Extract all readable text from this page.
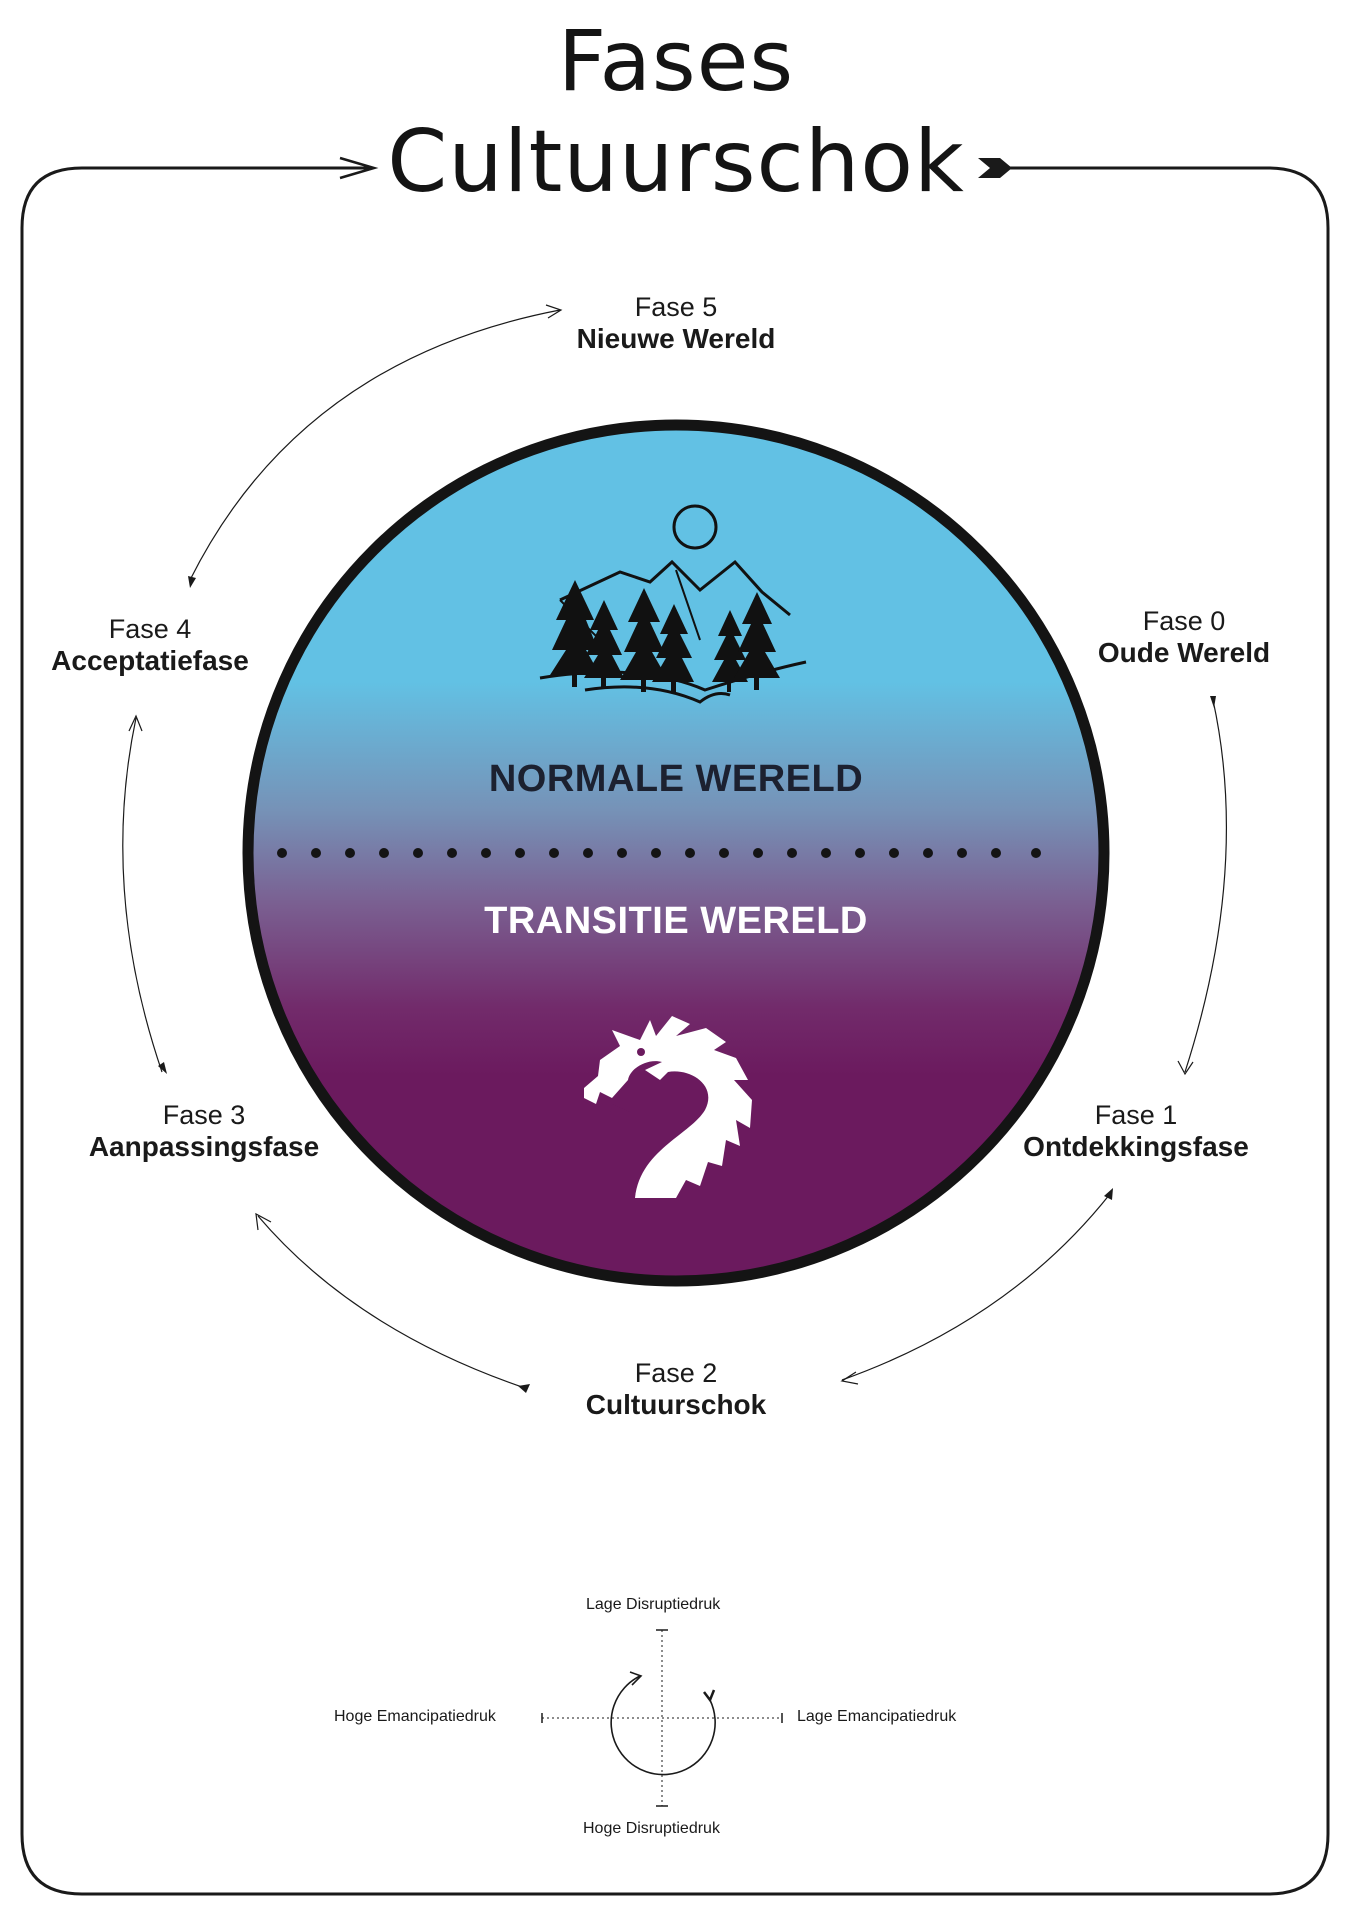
Fases
Cultuurschok
Fase 0
Oude Wereld
Fase 1
Ontdekkingsfase
Fase 2
Cultuurschok
Fase 3
Aanpassingsfase
Fase 4
Acceptatiefase
Fase 5
Nieuwe Wereld
NORMALE WERELD
TRANSITIE WERELD
Lage Disruptiedruk
Hoge Disruptiedruk
Hoge Emancipatiedruk	Lage Emancipatiedruk
